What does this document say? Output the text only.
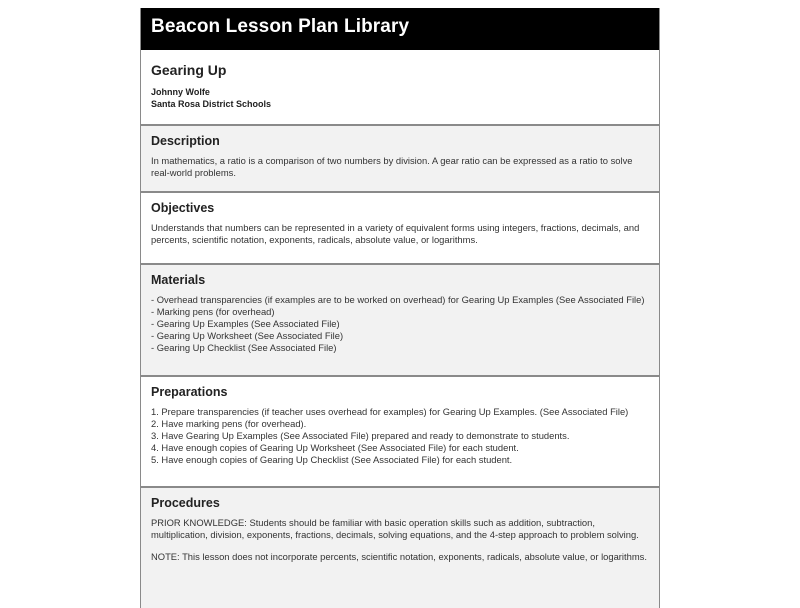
Beacon Lesson Plan Library
Gearing Up
Johnny Wolfe
Santa Rosa District Schools
Description
In mathematics, a ratio is a comparison of two numbers by division. A gear ratio can be expressed as a ratio to solve real-world problems.
Objectives
Understands that numbers can be represented in a variety of equivalent forms using integers, fractions, decimals, and percents, scientific notation, exponents, radicals, absolute value, or logarithms.
Materials
- Overhead transparencies (if examples are to be worked on overhead) for Gearing Up Examples (See Associated File)
- Marking pens (for overhead)
- Gearing Up Examples (See Associated File)
- Gearing Up Worksheet (See Associated File)
- Gearing Up Checklist (See Associated File)
Preparations
1. Prepare transparencies (if teacher uses overhead for examples) for Gearing Up Examples. (See Associated File)
2. Have marking pens (for overhead).
3. Have Gearing Up Examples (See Associated File) prepared and ready to demonstrate to students.
4. Have enough copies of Gearing Up Worksheet (See Associated File) for each student.
5. Have enough copies of Gearing Up Checklist (See Associated File) for each student.
Procedures

PRIOR KNOWLEDGE: Students should be familiar with basic operation skills such as addition, subtraction, multiplication, division, exponents, fractions, decimals, solving equations, and the 4-step approach to problem solving.

NOTE: This lesson does not incorporate percents, scientific notation, exponents, radicals, absolute value, or logarithms.
